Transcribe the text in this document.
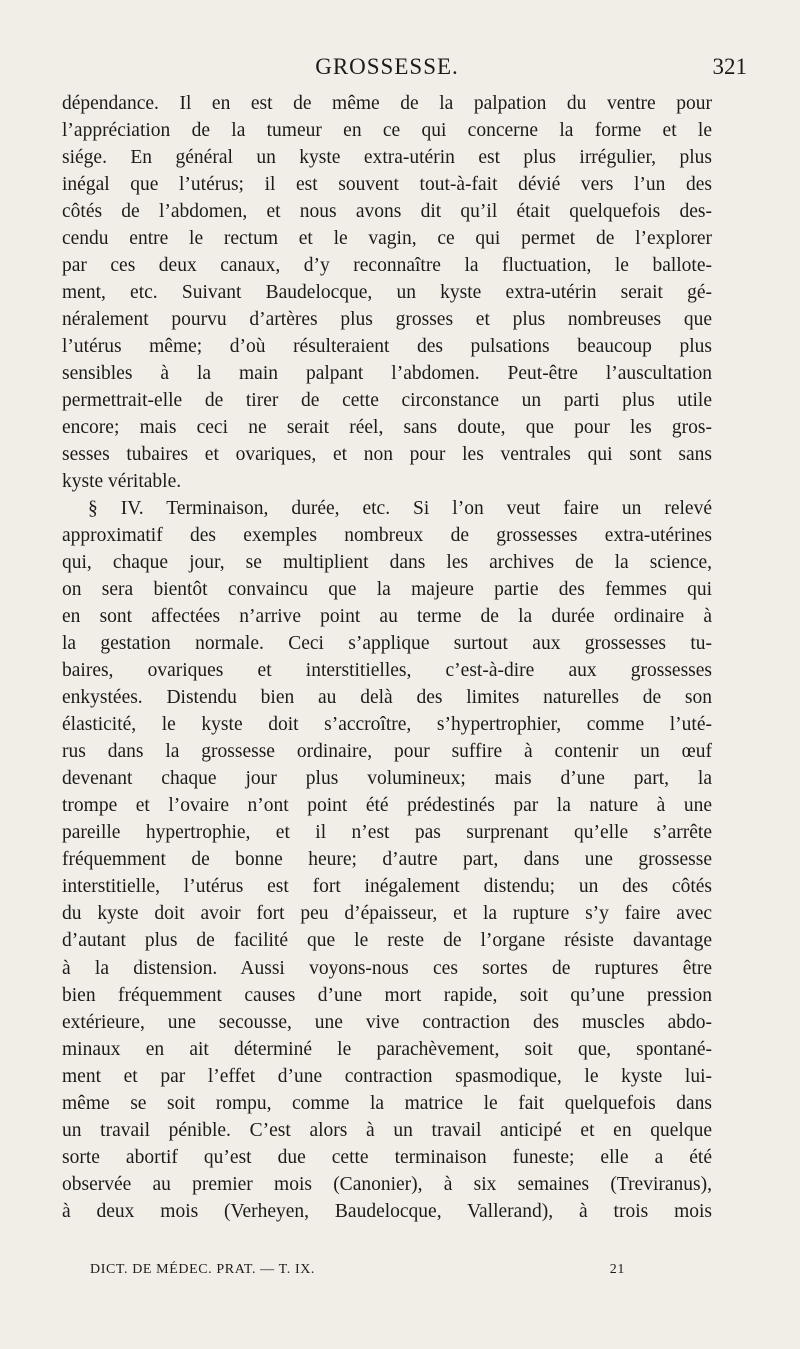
GROSSESSE.	321
dépendance. Il en est de même de la palpation du ventre pour
l’appréciation de la tumeur en ce qui concerne la forme et le
siége. En général un kyste extra-utérin est plus irrégulier, plus
inégal que l’utérus; il est souvent tout-à-fait dévié vers l’un des
côtés de l’abdomen, et nous avons dit qu’il était quelquefois des-
cendu entre le rectum et le vagin, ce qui permet de l’explorer
par ces deux canaux, d’y reconnaître la fluctuation, le ballote-
ment, etc. Suivant Baudelocque, un kyste extra-utérin serait gé-
néralement pourvu d’artères plus grosses et plus nombreuses que
l’utérus même; d’où résulteraient des pulsations beaucoup plus
sensibles à la main palpant l’abdomen. Peut-être l’auscultation
permettrait-elle de tirer de cette circonstance un parti plus utile
encore; mais ceci ne serait réel, sans doute, que pour les gros-
sesses tubaires et ovariques, et non pour les ventrales qui sont sans
kyste véritable.
§ IV. Terminaison, durée, etc. Si l’on veut faire un relevé
approximatif des exemples nombreux de grossesses extra-utérines
qui, chaque jour, se multiplient dans les archives de la science,
on sera bientôt convaincu que la majeure partie des femmes qui
en sont affectées n’arrive point au terme de la durée ordinaire à
la gestation normale. Ceci s’applique surtout aux grossesses tu-
baires, ovariques et interstitielles, c’est-à-dire aux grossesses
enkystées. Distendu bien au delà des limites naturelles de son
élasticité, le kyste doit s’accroître, s’hypertrophier, comme l’uté-
rus dans la grossesse ordinaire, pour suffire à contenir un œuf
devenant chaque jour plus volumineux; mais d’une part, la
trompe et l’ovaire n’ont point été prédestinés par la nature à une
pareille hypertrophie, et il n’est pas surprenant qu’elle s’arrête
fréquemment de bonne heure; d’autre part, dans une grossesse
interstitielle, l’utérus est fort inégalement distendu; un des côtés
du kyste doit avoir fort peu d’épaisseur, et la rupture s’y faire avec
d’autant plus de facilité que le reste de l’organe résiste davantage
à la distension. Aussi voyons-nous ces sortes de ruptures être
bien fréquemment causes d’une mort rapide, soit qu’une pression
extérieure, une secousse, une vive contraction des muscles abdo-
minaux en ait déterminé le parachèvement, soit que, spontané-
ment et par l’effet d’une contraction spasmodique, le kyste lui-
même se soit rompu, comme la matrice le fait quelquefois dans
un travail pénible. C’est alors à un travail anticipé et en quelque
sorte abortif qu’est due cette terminaison funeste; elle a été
observée au premier mois (Canonier), à six semaines (Treviranus),
à deux mois (Verheyen, Baudelocque, Vallerand), à trois mois
DICT. DE MÉDEC. PRAT. — T. IX.	21
